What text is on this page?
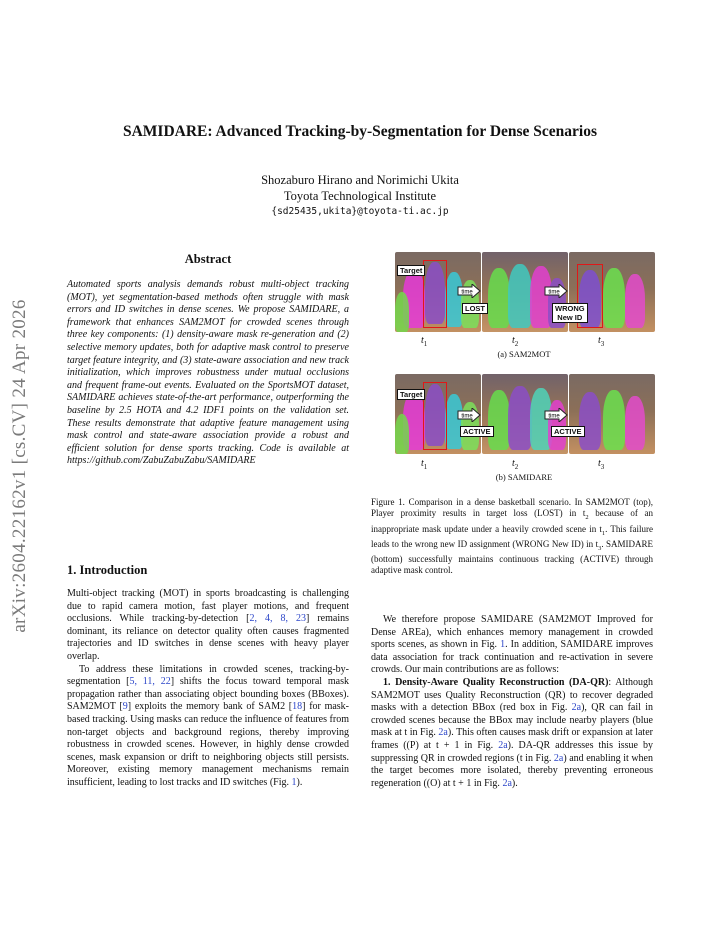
arXiv:2604.22162v1 [cs.CV] 24 Apr 2026
SAMIDARE: Advanced Tracking-by-Segmentation for Dense Scenarios
Shozaburo Hirano and Norimichi Ukita
Toyota Technological Institute
{sd25435,ukita}@toyota-ti.ac.jp
Abstract
Automated sports analysis demands robust multi-object tracking (MOT), yet segmentation-based methods often struggle with mask errors and ID switches in dense scenes. We propose SAMIDARE, a framework that enhances SAM2MOT for crowded scenes through three key components: (1) density-aware mask re-generation and (2) selective memory updates, both for adaptive mask control to preserve target feature integrity, and (3) state-aware association and new track initialization, which improves robustness under mutual occlusions and frequent frame-out events. Evaluated on the SportsMOT dataset, SAMIDARE achieves state-of-the-art performance, outperforming the baseline by 2.5 HOTA and 4.2 IDF1 points on the validation set. These results demonstrate that adaptive feature management using mask control and state-aware association provide a robust and efficient solution for dense sports tracking. Code is available at https://github.com/ZabuZabuZabu/SAMIDARE
1. Introduction

Multi-object tracking (MOT) in sports broadcasting is challenging due to rapid camera motion, fast player motions, and frequent occlusions. While tracking-by-detection [2, 4, 8, 23] remains dominant, its reliance on detector quality often causes fragmented trajectories and ID switches in dense scenes with heavy player overlap.

To address these limitations in crowded scenes, tracking-by-segmentation [5, 11, 22] shifts the focus toward temporal mask propagation rather than associating object bounding boxes (BBoxes). SAM2MOT [9] exploits the memory bank of SAM2 [18] for mask-based tracking. Using masks can reduce the influence of features from non-target objects and background regions, thereby improving robustness in crowded scenes. However, in highly dense crowded scenes, mask expansion or drift to neighboring objects still persists. Moreover, existing memory management mechanisms remain insufficient, leading to lost tracks and ID switches (Fig. 1).

Target
LOST	WRONG
New ID
time	time
$t_1$	$t_2$	$t_3$
(a) SAM2MOT
Target
ACTIVE	ACTIVE
time	time
$t_1$	$t_2$	$t_3$
(b) SAMIDARE
Figure 1. Comparison in a dense basketball scenario. In SAM2MOT (top), Player proximity results in target loss (LOST) in $t_2$ because of an inappropriate mask update under a heavily crowded scene in $t_1$. This failure leads to the wrong new ID assignment (WRONG New ID) in $t_3$. SAMIDARE (bottom) successfully maintains continuous tracking (ACTIVE) through adaptive mask control.

We therefore propose SAMIDARE (SAM2MOT Improved for Dense AREa), which enhances memory management in crowded sports scenes, as shown in Fig. 1. In addition, SAMIDARE improves data association for track continuation and re-activation in severe crowds. Our main contributions are as follows:

1. Density-Aware Quality Reconstruction (DA-QR): Although SAM2MOT uses Quality Reconstruction (QR) to recover degraded masks with a detection BBox (red box in Fig. 2a), QR can fail in crowded scenes because the BBox may include nearby players (blue mask at t in Fig. 2a). This often causes mask drift or expansion at later frames ((P) at t + 1 in Fig. 2a). DA-QR addresses this issue by suppressing QR in crowded regions (t in Fig. 2a) and enabling it when the target becomes more isolated, thereby preventing erroneous regeneration ((O) at t + 1 in Fig. 2a).
